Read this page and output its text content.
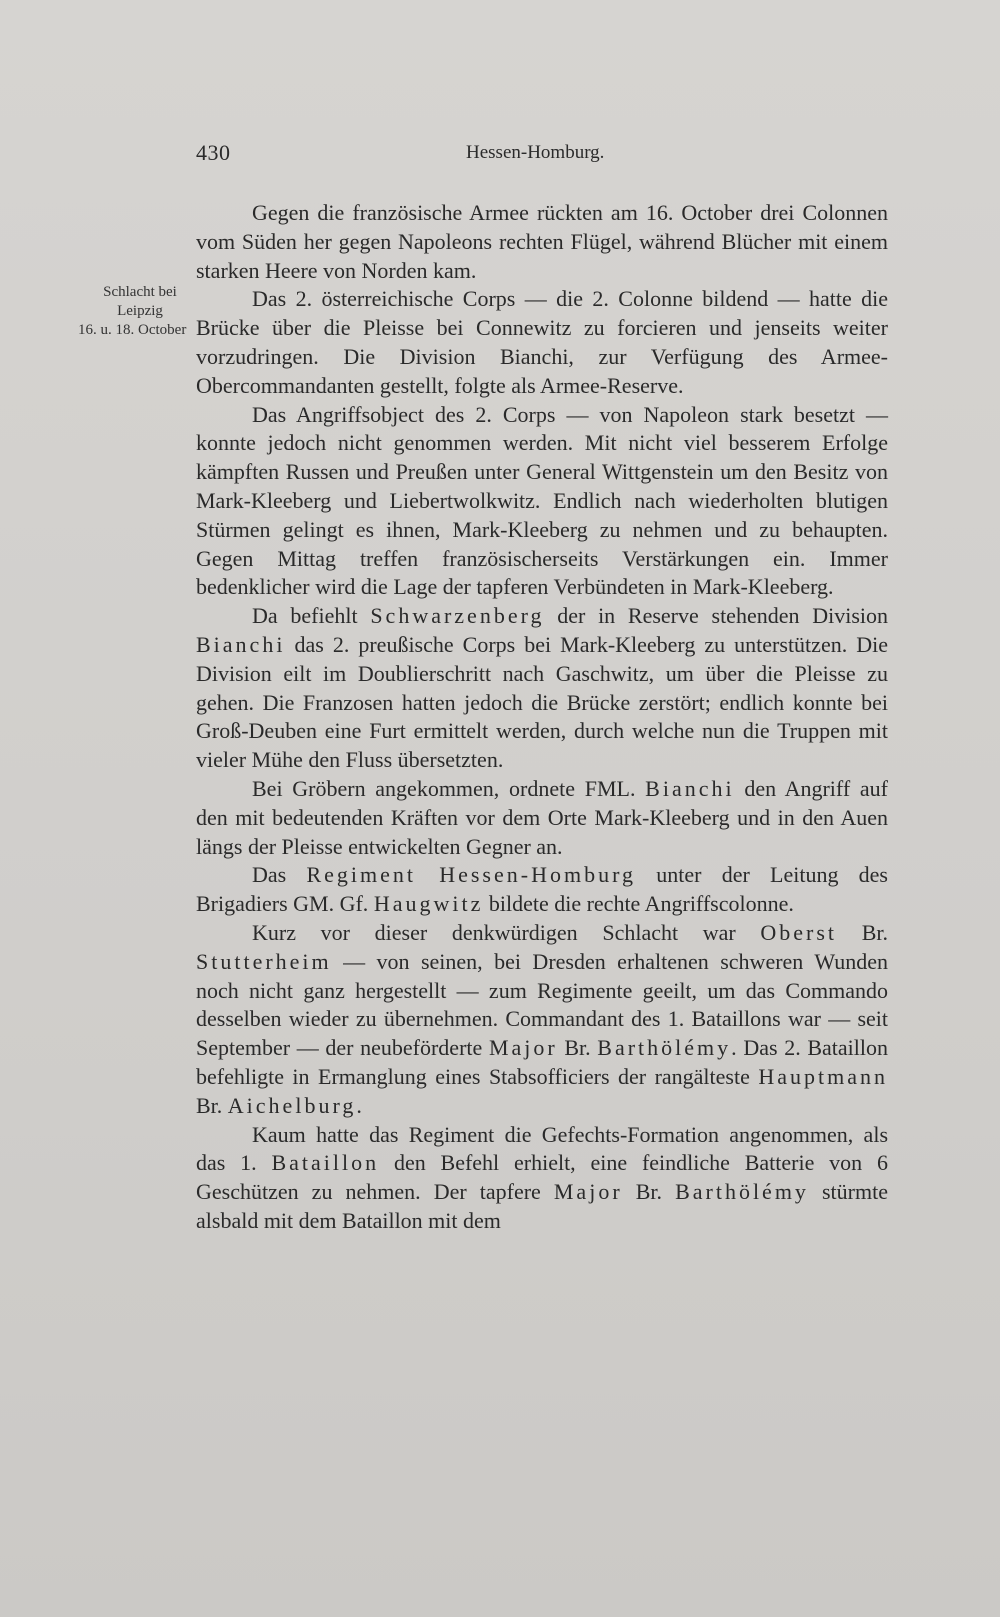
430	Hessen-Homburg.
Schlacht bei
Leipzig
16. u. 18. October

Gegen die französische Armee rückten am 16. October drei Colonnen vom Süden her gegen Napoleons rechten Flügel, während Blücher mit einem starken Heere von Norden kam.

Das 2. österreichische Corps — die 2. Colonne bildend — hatte die Brücke über die Pleisse bei Connewitz zu forcieren und jenseits weiter vorzudringen. Die Division Bianchi, zur Verfügung des Armee-Obercommandanten gestellt, folgte als Armee-Reserve.

Das Angriffsobject des 2. Corps — von Napoleon stark besetzt — konnte jedoch nicht genommen werden. Mit nicht viel besserem Erfolge kämpften Russen und Preußen unter General Wittgenstein um den Besitz von Mark-Kleeberg und Liebertwolkwitz. Endlich nach wiederholten blutigen Stürmen gelingt es ihnen, Mark-Kleeberg zu nehmen und zu behaupten. Gegen Mittag treffen französischerseits Verstärkungen ein. Immer bedenklicher wird die Lage der tapferen Verbündeten in Mark-Kleeberg.

Da befiehlt Schwarzenberg der in Reserve stehenden Division Bianchi das 2. preußische Corps bei Mark-Kleeberg zu unterstützen. Die Division eilt im Doublierschritt nach Gaschwitz, um über die Pleisse zu gehen. Die Franzosen hatten jedoch die Brücke zerstört; endlich konnte bei Groß-Deuben eine Furt ermittelt werden, durch welche nun die Truppen mit vieler Mühe den Fluss übersetzten.

Bei Gröbern angekommen, ordnete FML. Bianchi den Angriff auf den mit bedeutenden Kräften vor dem Orte Mark-Kleeberg und in den Auen längs der Pleisse entwickelten Gegner an.

Das Regiment Hessen-Homburg unter der Leitung des Brigadiers GM. Gf. Haugwitz bildete die rechte Angriffscolonne.

Kurz vor dieser denkwürdigen Schlacht war Oberst Br. Stutterheim — von seinen, bei Dresden erhaltenen schweren Wunden noch nicht ganz hergestellt — zum Regimente geeilt, um das Commando desselben wieder zu übernehmen. Commandant des 1. Bataillons war — seit September — der neubeförderte Major Br. Barthölémy. Das 2. Bataillon befehligte in Ermanglung eines Stabsofficiers der rangälteste Hauptmann Br. Aichelburg.

Kaum hatte das Regiment die Gefechts-Formation angenommen, als das 1. Bataillon den Befehl erhielt, eine feindliche Batterie von 6 Geschützen zu nehmen. Der tapfere Major Br. Barthölémy stürmte alsbald mit dem Bataillon mit dem
